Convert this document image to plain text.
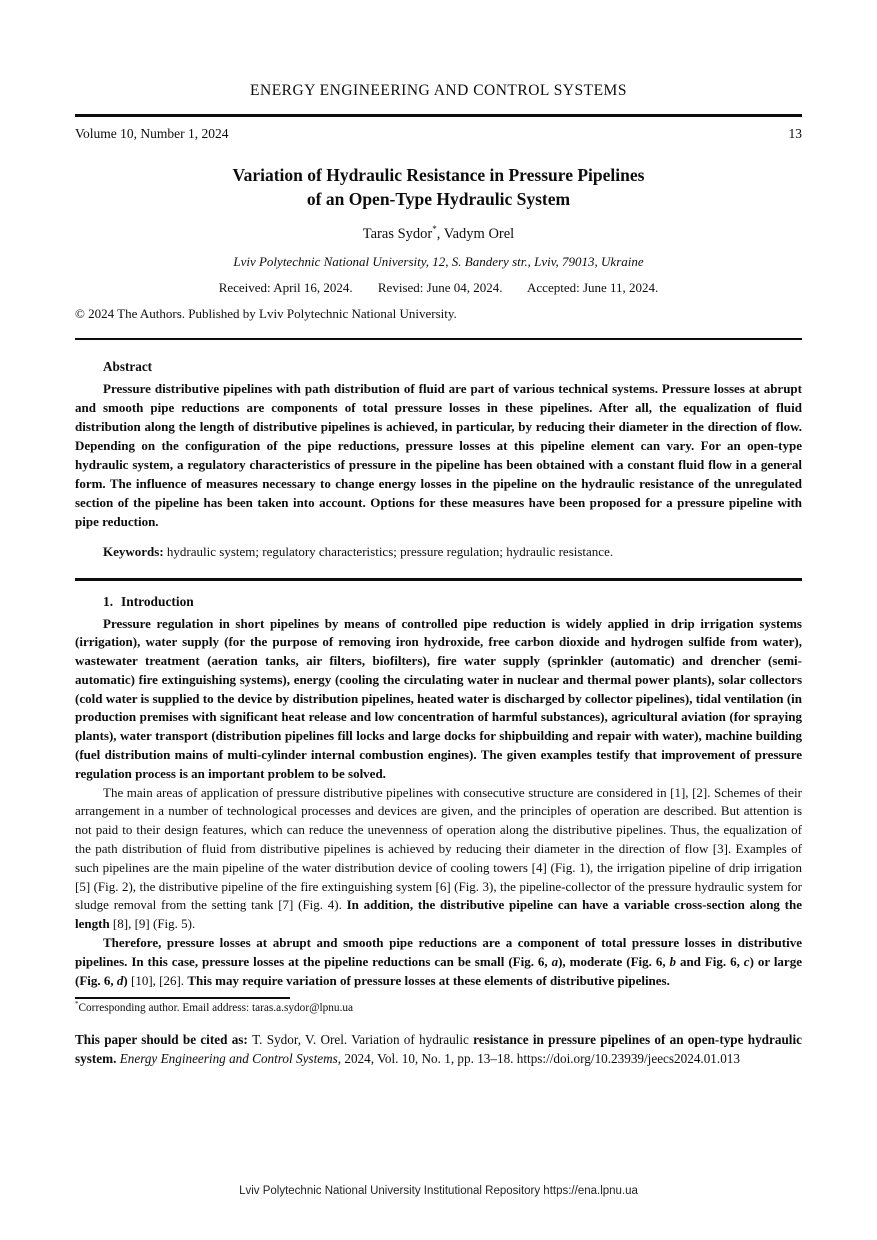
ENERGY ENGINEERING AND CONTROL SYSTEMS
Volume 10, Number 1, 2024	13
Variation of Hydraulic Resistance in Pressure Pipelines
of an Open-Type Hydraulic System
Taras Sydor*, Vadym Orel
Lviv Polytechnic National University, 12, S. Bandery str., Lviv, 79013, Ukraine
Received: April 16, 2024. Revised: June 04, 2024. Accepted: June 11, 2024.
© 2024 The Authors. Published by Lviv Polytechnic National University.
Abstract

Pressure distributive pipelines with path distribution of fluid are part of various technical systems. Pressure losses at abrupt and smooth pipe reductions are components of total pressure losses in these pipelines. After all, the equalization of fluid distribution along the length of distributive pipelines is achieved, in particular, by reducing their diameter in the direction of flow. Depending on the configuration of the pipe reductions, pressure losses at this pipeline element can vary. For an open-type hydraulic system, a regulatory characteristics of pressure in the pipeline has been obtained with a constant fluid flow in a general form. The influence of measures necessary to change energy losses in the pipeline on the hydraulic resistance of the unregulated section of the pipeline has been taken into account. Options for these measures have been proposed for a pressure pipeline with pipe reduction.

Keywords: hydraulic system; regulatory characteristics; pressure regulation; hydraulic resistance.
1. Introduction

Pressure regulation in short pipelines by means of controlled pipe reduction is widely applied in drip irrigation systems (irrigation), water supply (for the purpose of removing iron hydroxide, free carbon dioxide and hydrogen sulfide from water), wastewater treatment (aeration tanks, air filters, biofilters), fire water supply (sprinkler (automatic) and drencher (semi-automatic) fire extinguishing systems), energy (cooling the circulating water in nuclear and thermal power plants), solar collectors (cold water is supplied to the device by distribution pipelines, heated water is discharged by collector pipelines), tidal ventilation (in production premises with significant heat release and low concentration of harmful substances), agricultural aviation (for spraying plants), water transport (distribution pipelines fill locks and large docks for shipbuilding and repair with water), machine building (fuel distribution mains of multi-cylinder internal combustion engines). The given examples testify that improvement of pressure regulation process is an important problem to be solved.

The main areas of application of pressure distributive pipelines with consecutive structure are considered in [1], [2]. Schemes of their arrangement in a number of technological processes and devices are given, and the principles of operation are described. But attention is not paid to their design features, which can reduce the unevenness of operation along the distributive pipelines. Thus, the equalization of the path distribution of fluid from distributive pipelines is achieved by reducing their diameter in the direction of flow [3]. Examples of such pipelines are the main pipeline of the water distribution device of cooling towers [4] (Fig. 1), the irrigation pipeline of drip irrigation [5] (Fig. 2), the distributive pipeline of the fire extinguishing system [6] (Fig. 3), the pipeline-collector of the pressure hydraulic system for sludge removal from the setting tank [7] (Fig. 4). In addition, the distributive pipeline can have a variable cross-section along the length [8], [9] (Fig. 5).

Therefore, pressure losses at abrupt and smooth pipe reductions are a component of total pressure losses in distributive pipelines. In this case, pressure losses at the pipeline reductions can be small (Fig. 6, a), moderate (Fig. 6, b and Fig. 6, c) or large (Fig. 6, d) [10], [26]. This may require variation of pressure losses at these elements of distributive pipelines.

*Corresponding author. Email address: taras.a.sydor@lpnu.ua

This paper should be cited as: T. Sydor, V. Orel. Variation of hydraulic resistance in pressure pipelines of an open-type hydraulic system. Energy Engineering and Control Systems, 2024, Vol. 10, No. 1, pp. 13–18. https://doi.org/10.23939/jeecs2024.01.013

Lviv Polytechnic National University Institutional Repository https://ena.lpnu.ua
